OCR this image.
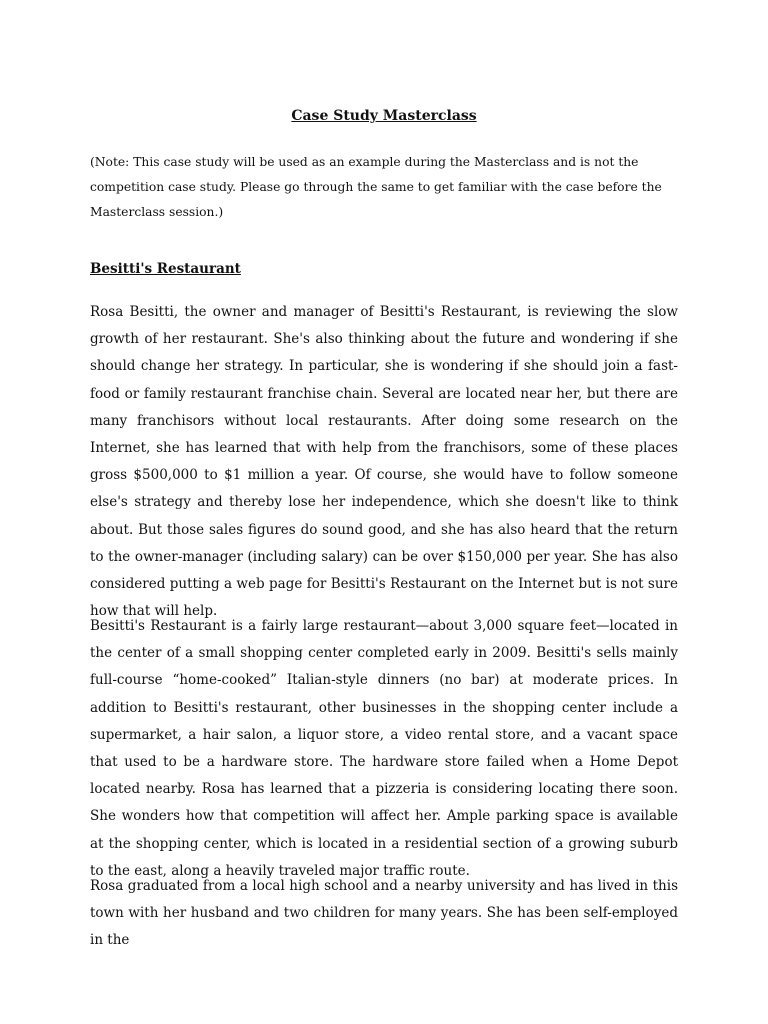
Case Study Masterclass

(Note: This case study will be used as an example during the Masterclass and is not the competition case study. Please go through the same to get familiar with the case before the Masterclass session.)

Besitti's Restaurant

Rosa Besitti, the owner and manager of Besitti's Restaurant, is reviewing the slow growth of her restaurant. She's also thinking about the future and wondering if she should change her strategy. In particular, she is wondering if she should join a fast-food or family restaurant franchise chain. Several are located near her, but there are many franchisors without local restaurants. After doing some research on the Internet, she has learned that with help from the franchisors, some of these places gross $500,000 to $1 million a year. Of course, she would have to follow someone else's strategy and thereby lose her independence, which she doesn't like to think about. But those sales figures do sound good, and she has also heard that the return to the owner-manager (including salary) can be over $150,000 per year. She has also considered putting a web page for Besitti's Restaurant on the Internet but is not sure how that will help.

Besitti's Restaurant is a fairly large restaurant—about 3,000 square feet—located in the center of a small shopping center completed early in 2009. Besitti's sells mainly full-course “home-cooked” Italian-style dinners (no bar) at moderate prices. In addition to Besitti's restaurant, other businesses in the shopping center include a supermarket, a hair salon, a liquor store, a video rental store, and a vacant space that used to be a hardware store. The hardware store failed when a Home Depot located nearby. Rosa has learned that a pizzeria is considering locating there soon. She wonders how that competition will affect her. Ample parking space is available at the shopping center, which is located in a residential section of a growing suburb to the east, along a heavily traveled major traffic route.

Rosa graduated from a local high school and a nearby university and has lived in this town with her husband and two children for many years. She has been self-employed in the
